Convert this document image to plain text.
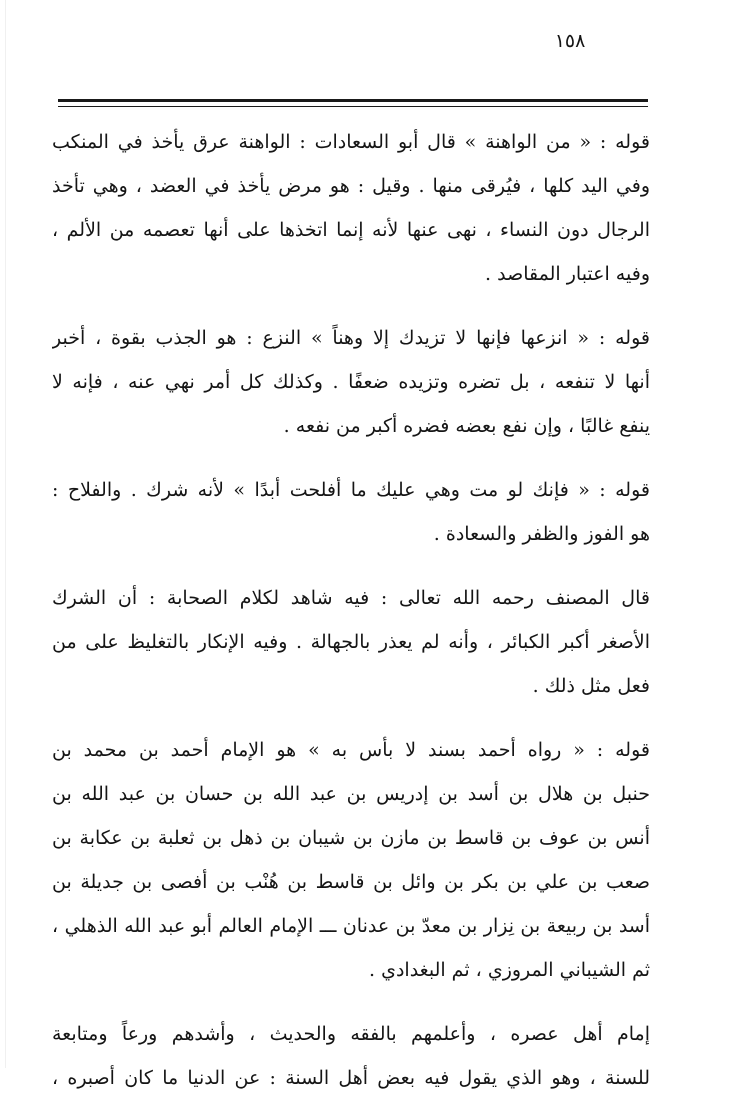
١٥٨
قوله : « من الواهنة » قال أبو السعادات : الواهنة عرق يأخذ في المنكب
وفي اليد كلها ، فيُرقى منها . وقيل : هو مرض يأخذ في العضد ، وهي تأخذ
الرجال دون النساء ، نهى عنها لأنه إنما اتخذها على أنها تعصمه من الألم ،
وفيه اعتبار المقاصد .
قوله : « انزعها فإنها لا تزيدك إلا وهناً » النزع : هو الجذب بقوة ، أخبر
أنها لا تنفعه ، بل تضره وتزيده ضعفًا . وكذلك كل أمر نهي عنه ، فإنه لا
ينفع غالبًا ، وإن نفع بعضه فضره أكبر من نفعه .
قوله : « فإنك لو مت وهي عليك ما أفلحت أبدًا » لأنه شرك . والفلاح :
هو الفوز والظفر والسعادة .
قال المصنف رحمه الله تعالى : فيه شاهد لكلام الصحابة : أن الشرك
الأصغر أكبر الكبائر ، وأنه لم يعذر بالجهالة . وفيه الإنكار بالتغليظ على من
فعل مثل ذلك .
قوله : « رواه أحمد بسند لا بأس به » هو الإمام أحمد بن محمد بن
حنبل بن هلال بن أسد بن إدريس بن عبد الله بن حسان بن عبد الله بن
أنس بن عوف بن قاسط بن مازن بن شيبان بن ذهل بن ثعلبة بن عكابة بن
صعب بن علي بن بكر بن وائل بن قاسط بن هُنْب بن أفصى بن جديلة بن
أسد بن ربيعة بن نِزار بن معدّ بن عدنان ـــ الإمام العالم أبو عبد الله الذهلي ،
ثم الشيباني المروزي ، ثم البغدادي .
إمام أهل عصره ، وأعلمهم بالفقه والحديث ، وأشدهم ورعاً ومتابعة
للسنة ، وهو الذي يقول فيه بعض أهل السنة : عن الدنيا ما كان أصبره ،
